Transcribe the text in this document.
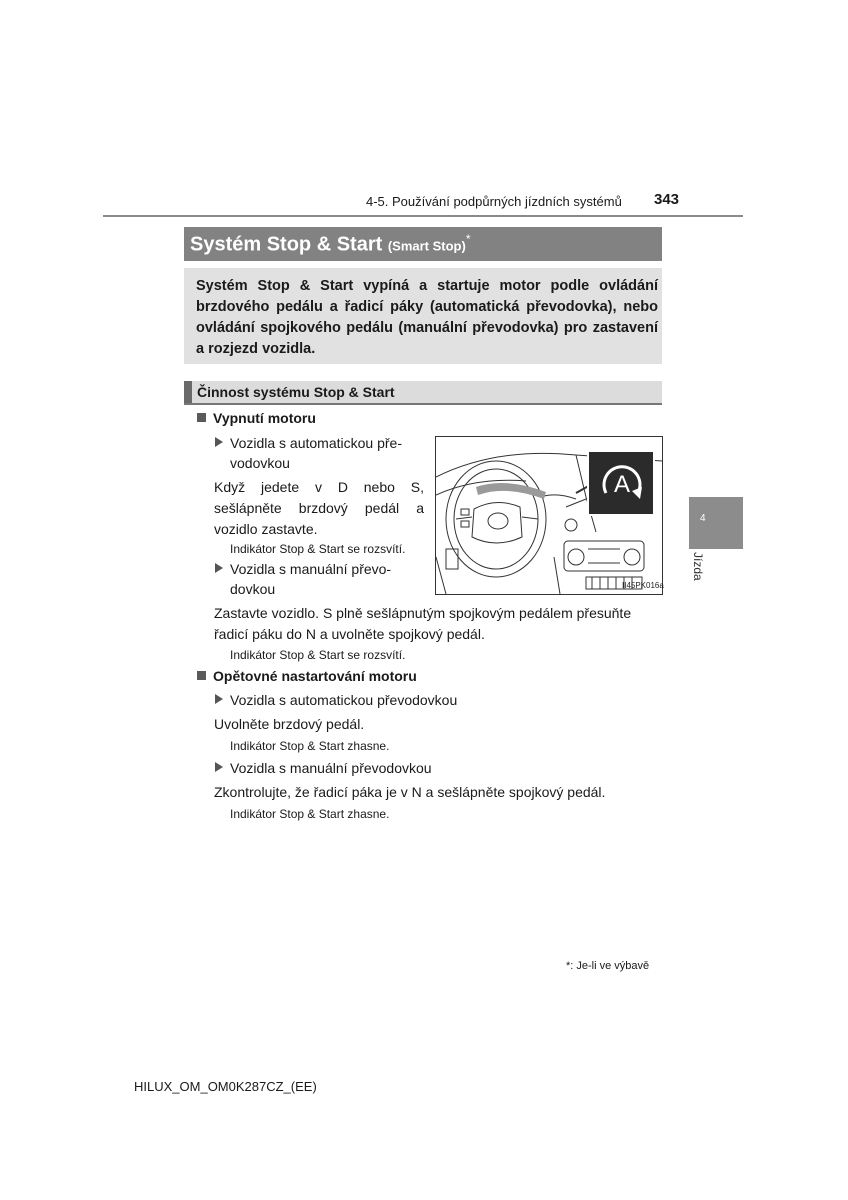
4-5. Používání podpůrných jízdních systémů 343
4
Jízda
Systém Stop & Start (Smart Stop)*
Systém Stop & Start vypíná a startuje motor podle ovládání brzdového pedálu a řadicí páky (automatická převodovka), nebo ovládání spojkového pedálu (manuální převodovka) pro zastavení a rozjezd vozidla.
Činnost systému Stop & Start
Vypnutí motoru
Vozidla s automatickou pře-
vodovkou
Když jedete v D nebo S, sešlápněte brzdový pedál a vozidlo zastavte.
Indikátor Stop & Start se rozsvítí.
Vozidla s manuální převo-
dovkou
Zastavte vozidlo. S plně sešlápnutým spojkovým pedálem přesuňte řadicí páku do N a uvolněte spojkový pedál.
Indikátor Stop & Start se rozsvítí.
A
II45PK016a
Opětovné nastartování motoru
Vozidla s automatickou převodovkou
Uvolněte brzdový pedál.
Indikátor Stop & Start zhasne.
Vozidla s manuální převodovkou
Zkontrolujte, že řadicí páka je v N a sešlápněte spojkový pedál.
Indikátor Stop & Start zhasne.
*: Je-li ve výbavě
HILUX_OM_OM0K287CZ_(EE)
